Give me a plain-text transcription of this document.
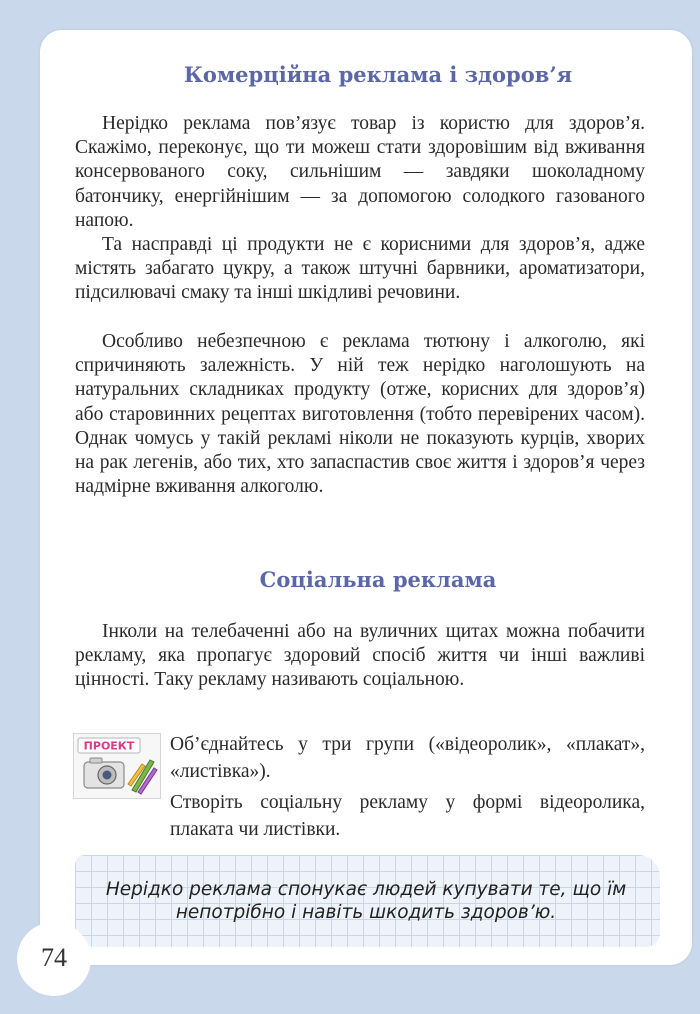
Комерційна реклама і здоров’я

Нерідко реклама пов’язує товар із користю для здоров’я. Скажімо, переконує, що ти можеш стати здоровішим від вживання консервованого соку, сильнішим — завдяки шоколадному батончику, енергійнішим — за допомогою солодкого газованого напою.

Та насправді ці продукти не є корисними для здоров’я, адже містять забагато цукру, а також штучні барвники, ароматизатори, підсилювачі смаку та інші шкідливі речовини.

Особливо небезпечною є реклама тютюну і алкоголю, які спричиняють залежність. У ній теж нерідко наголошують на натуральних складниках продукту (отже, корисних для здоров’я) або старовинних рецептах виготовлення (тобто перевірених часом). Однак чомусь у такій рекламі ніколи не показують курців, хворих на рак легенів, або тих, хто запаспастив своє життя і здоров’я через надмірне вживання алкоголю.

Соціальна реклама

Інколи на телебаченні або на вуличних щитах можна побачити рекламу, яка пропагує здоровий спосіб життя чи інші важливі цінності. Таку рекламу називають соціальною.

ПРОЕКТ Об’єднайтесь у три групи («відеоролик», «плакат», «листівка»).

Створіть соціальну рекламу у формі відеоролика, плаката чи листівки.

Нерідко реклама спонукає людей купувати те, що їм непотрібно і навіть шкодить здоров’ю.

74
